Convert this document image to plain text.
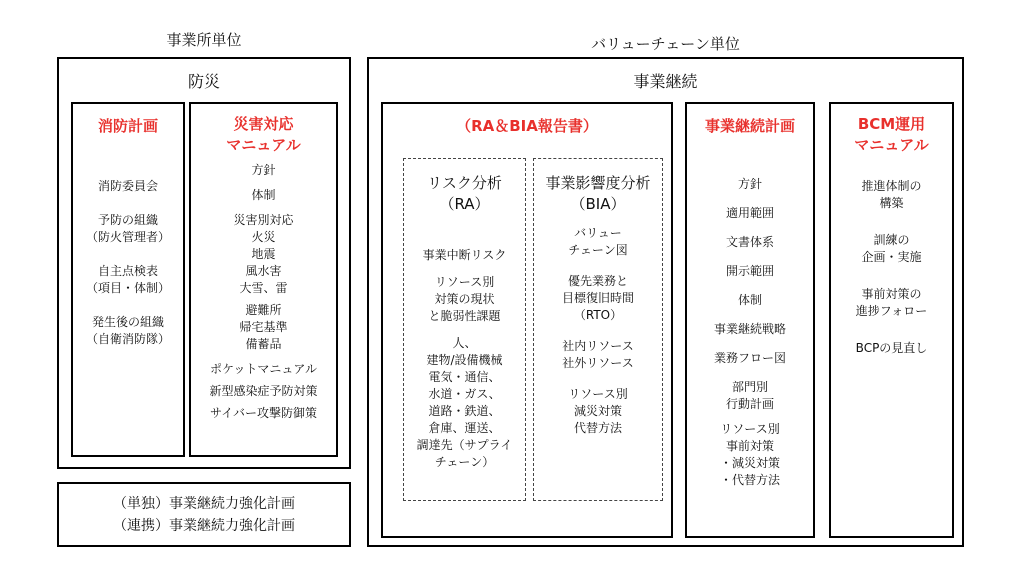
事業所単位	バリューチェーン単位
防災
消防計画
消防委員会
予防の組織
（防火管理者）
自主点検表
（項目・体制）
発生後の組織
（自衛消防隊）
災害対応
マニュアル
方針
体制
災害別対応
火災
地震
風水害
大雪、雷
避難所
帰宅基準
備蓄品
ポケットマニュアル
新型感染症予防対策
サイバー攻撃防御策
（単独）事業継続力強化計画
（連携）事業継続力強化計画
事業継続
（RA＆BIA報告書）
リスク分析
（RA）
事業中断リスク
リソース別
対策の現状
と脆弱性課題
人、
建物/設備機械
電気・通信、
水道・ガス、
道路・鉄道、
倉庫、運送、
調達先（サプライ
チェーン）
事業影響度分析
（BIA）
バリュー
チェーン図
優先業務と
目標復旧時間
（RTO）
社内リソース
社外リソース
リソース別
減災対策
代替方法
事業継続計画
方針
適用範囲
文書体系
開示範囲
体制
事業継続戦略
業務フロー図
部門別
行動計画
リソース別
事前対策
・減災対策
・代替方法
BCM運用
マニュアル
推進体制の
構築
訓練の
企画・実施
事前対策の
進捗フォロー
BCPの見直し
